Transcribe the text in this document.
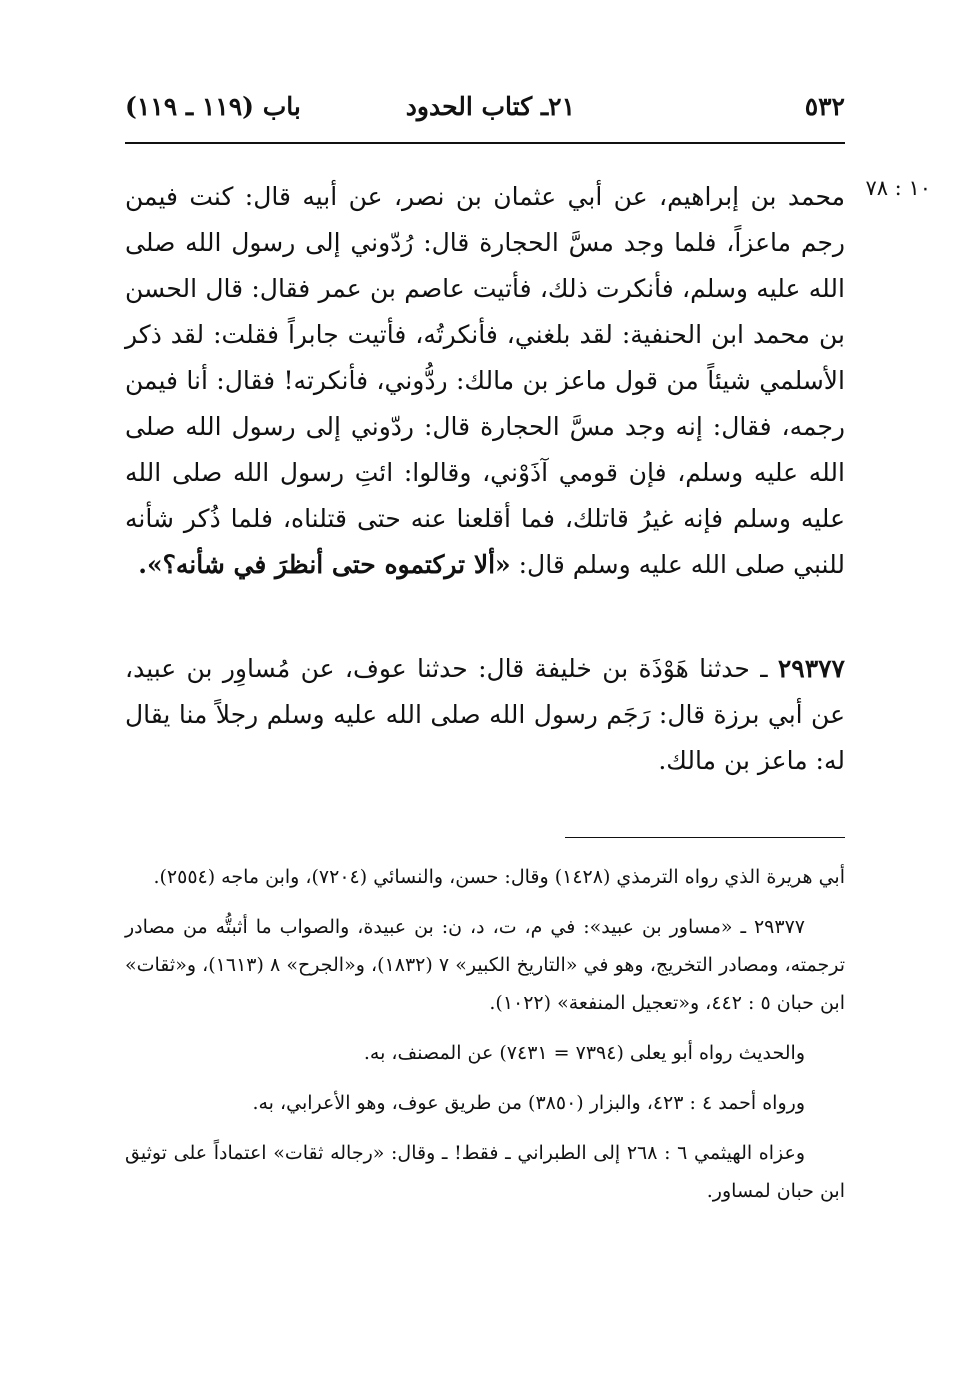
٥٣٢
٢١ـ كتاب الحدود
باب (١١٩ ـ ١١٩)
١٠ : ٧٨

محمد بن إبراهيم، عن أبي عثمان بن نصر، عن أبيه قال: كنت فيمن رجم ماعزاً، فلما وجد مسَّ الحجارة قال: رُدّوني إلى رسول الله صلى الله عليه وسلم، فأنكرت ذلك، فأتيت عاصم بن عمر فقال: قال الحسن بن محمد ابن الحنفية: لقد بلغني، فأنكرتُه، فأتيت جابراً فقلت: لقد ذكر الأسلمي شيئاً من قول ماعز بن مالك: ردُّوني، فأنكرته! فقال: أنا فيمن رجمه، فقال: إنه وجد مسَّ الحجارة قال: ردّوني إلى رسول الله صلى الله عليه وسلم، فإن قومي آذَوْني، وقالوا: ائتِ رسول الله صلى الله عليه وسلم فإنه غيرُ قاتلك، فما أقلعنا عنه حتى قتلناه، فلما ذُكر شأنه للنبي صلى الله عليه وسلم قال: «ألا تركتموه حتى أنظرَ في شأنه؟».

٢٩٣٧٧ ـ حدثنا هَوْذَة بن خليفة قال: حدثنا عوف، عن مُساوِر بن عبيد، عن أبي برزة قال: رَجَم رسول الله صلى الله عليه وسلم رجلاً منا يقال له: ماعز بن مالك.

أبي هريرة الذي رواه الترمذي (١٤٢٨) وقال: حسن، والنسائي (٧٢٠٤)، وابن ماجه (٢٥٥٤).

٢٩٣٧٧ ـ «مساور بن عبيد»: في م، ت، د، ن: بن عبيدة، والصواب ما أثبتُّه من مصادر ترجمته، ومصادر التخريج، وهو في «التاريخ الكبير» ٧ (١٨٣٢)، و«الجرح» ٨ (١٦١٣)، و«ثقات» ابن حبان ٥ : ٤٤٢، و«تعجيل المنفعة» (١٠٢٢).

والحديث رواه أبو يعلى (٧٣٩٤ = ٧٤٣١) عن المصنف، به.

ورواه أحمد ٤ : ٤٢٣، والبزار (٣٨٥٠) من طريق عوف، وهو الأعرابي، به.

وعزاه الهيثمي ٦ : ٢٦٨ إلى الطبراني ـ فقط! ـ وقال: «رجاله ثقات» اعتماداً على توثيق ابن حبان لمساور.
